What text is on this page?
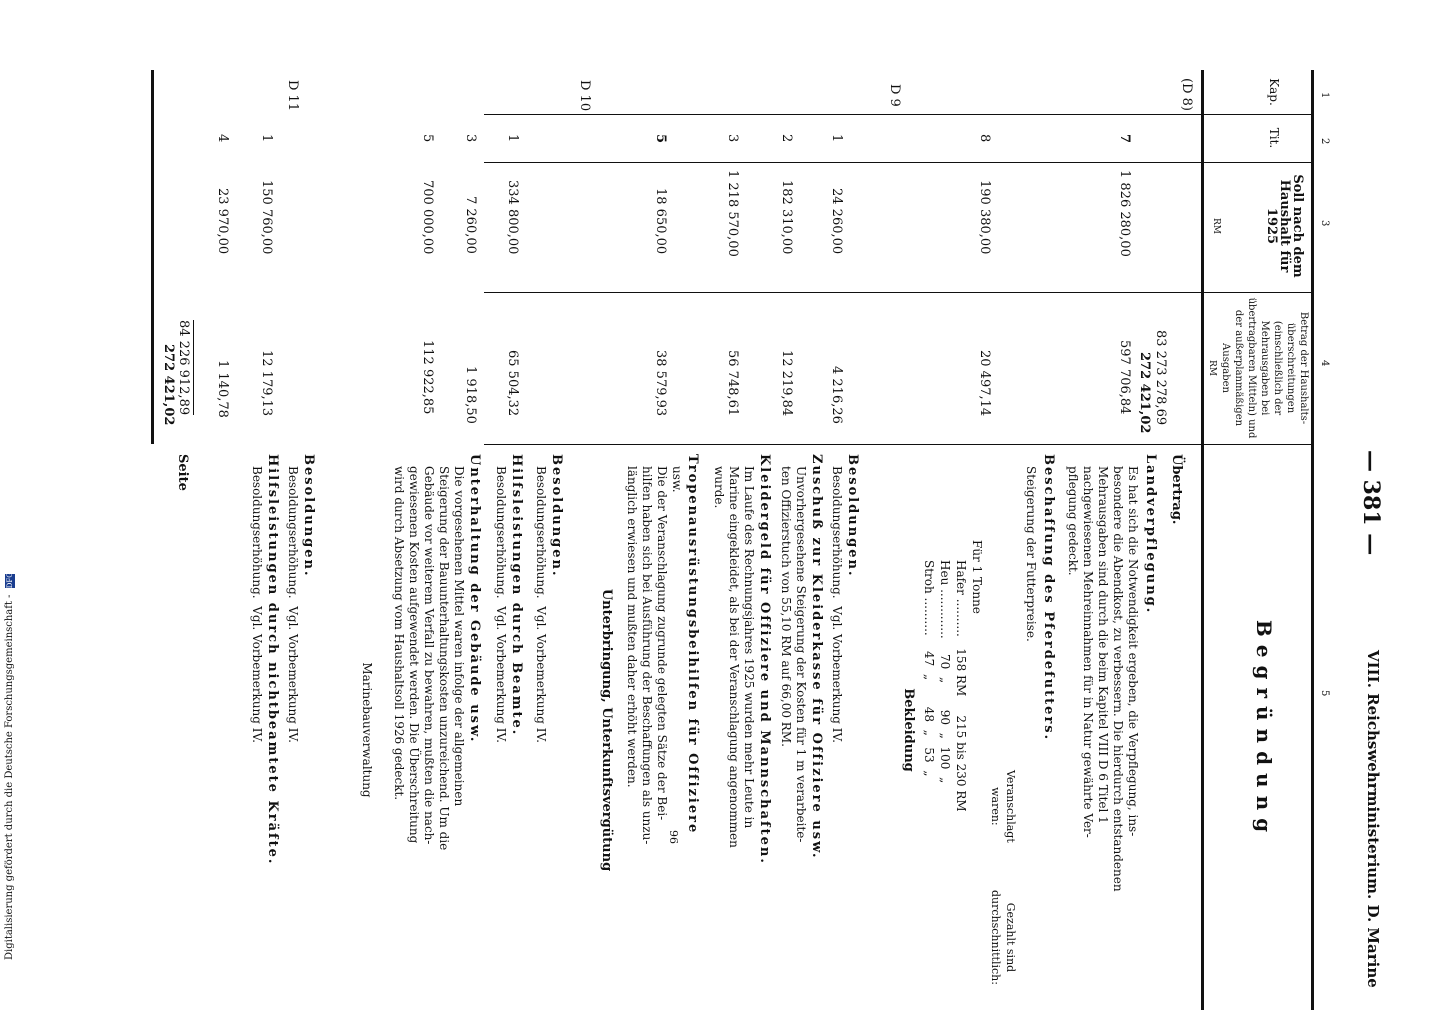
— 381 —
VIII. Reichswehrministerium. D. Marine
1
2
3
4
5
Kap.
Tit.
Soll nach dem Haushalt für 1925
RM
Betrag der Haushalts-überschreitungen (einschließlich der Mehrausgaben bei übertragbaren Mitteln) und der außerplanmäßigen Ausgaben
RM
Begründung
(D 8)
D 9
D 10
D 11
7
8
1
2
3
5
1
3
5
1
4
1 826 280,00
190 380,00
24 260,00
182 310,00
1 218 570,00
18 650,00
334 800,00
7 260,00
700 000,00
150 760,00
23 970,00
83 273 278,69
272 421,02
597 706,84
20 497,14
4 216,26
12 219,84
56 748,61
38 579,93
65 504,32
1 918,50
112 922,85
12 179,13
1 140,78
84 226 912,89
272 421,02
Übertrag.
Landverpflegung.
Es hat sich die Notwendigkeit ergeben, die Verpflegung, ins-
besondere die Abendkost, zu verbessern. Die hierdurch entstandenen
Mehrausgaben sind durch die beim Kapitel VIII D 6 Titel 1
nachgewiesenen Mehreinnahmen für in Natur gewährte Ver-
pflegung gedeckt.
Beschaffung des Pferdefutters.
Steigerung der Futterpreise.
Veranschlagt
waren:
Gezahlt sind
durchschnittlich:
Für 1 Tonne
Hafer ..........   158 RM     215 bis 230 RM
Heu .............    70  „       90  „  100  „
Stroh ..........    47  „       48  „   53  „
Bekleidung
Besoldungen.
Besoldungserhöhung.  Vgl. Vorbemerkung IV.
Zuschuß zur Kleiderkasse für Offiziere usw.
Unvorhergesehene Steigerung der Kosten für 1 m verarbeite-
ten Offizierstuch von 55,10 RM auf 66,00 RM.
Kleidergeld für Offiziere und Mannschaften.
Im Laufe des Rechnungsjahres 1925 wurden mehr Leute in
Marine eingekleidet, als bei der Veranschlagung angenommen
wurde.
Tropenausrüstungsbeihilfen für Offiziere
usw.
Die der Veranschlagung zugrunde gelegten Sätze der Bei-
hilfen haben sich bei Ausführung der Beschaffungen als unzu-
länglich erwiesen und mußten daher erhöht werden.
Unterbringung, Unterkunftsvergütung
Besoldungen.
Besoldungserhöhung.  Vgl. Vorbemerkung IV.
Hilfsleistungen durch Beamte.
Besoldungserhöhung.  Vgl. Vorbemerkung IV.
Unterhaltung der Gebäude usw.
Die vorgesehenen Mittel waren infolge der allgemeinen
Steigerung der Bauunterhaltungskosten unzureichend. Um die
Gebäude vor weiterem Verfall zu bewahren, mußten die nach-
gewiesenen Kosten aufgewendet werden. Die Überschreitung
wird durch Absetzung vom Haushaltsoll 1926 gedeckt.
Marinebauverwaltung
Besoldungen.
Besoldungserhöhung.  Vgl. Vorbemerkung IV.
Hilfsleistungen durch nichtbeamtete Kräfte.
Besoldungserhöhung.  Vgl. Vorbemerkung IV.
Seite
Digitalisierung gefördert durch die Deutsche Forschungsgemeinschaft - DFG
96
